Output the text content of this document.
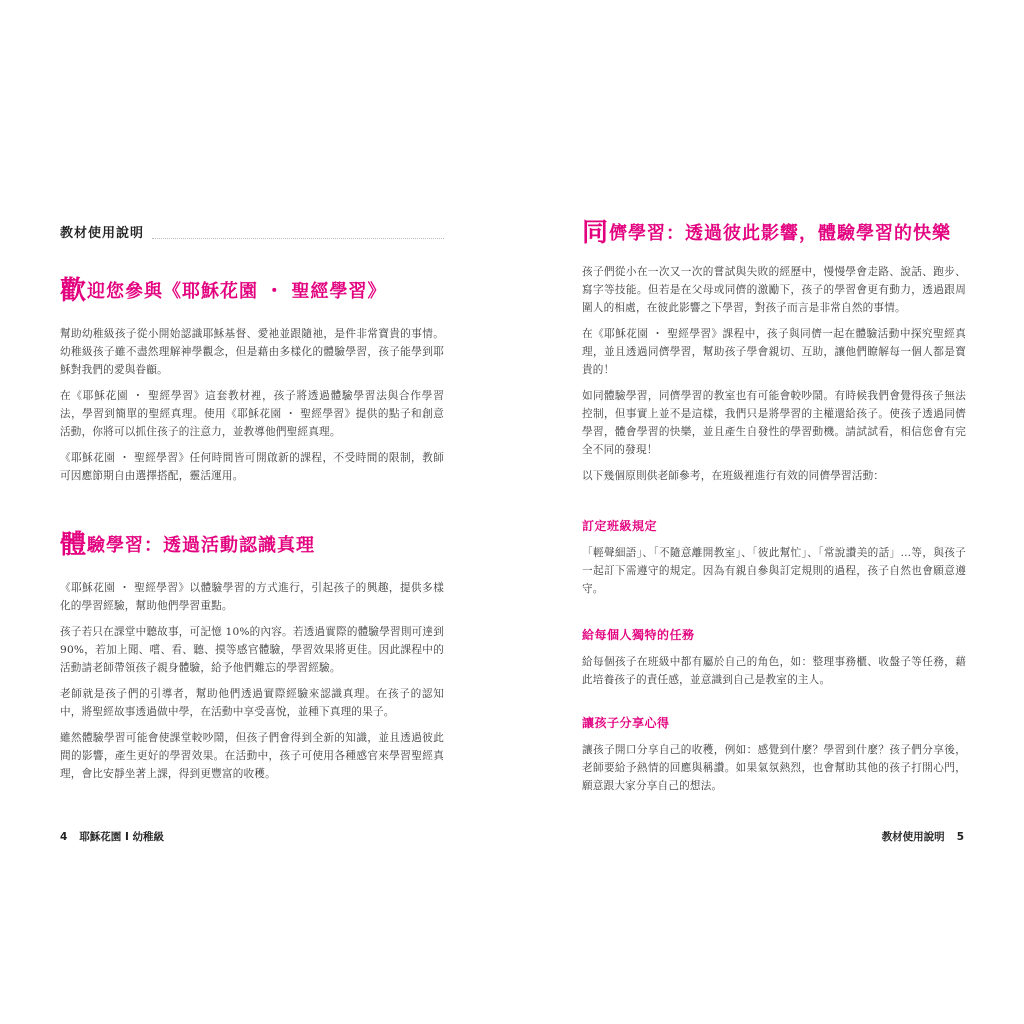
教材使用說明
歡迎您參與《耶穌花園 ・ 聖經學習》

幫助幼稚級孩子從小開始認識耶穌基督、愛祂並跟隨祂，是件非常寶貴的事情。幼稚級孩子雖不盡然理解神學觀念，但是藉由多樣化的體驗學習，孩子能學到耶穌對我們的愛與眷顧。

在《耶穌花園 ・ 聖經學習》這套教材裡，孩子將透過體驗學習法與合作學習法，學習到簡單的聖經真理。使用《耶穌花園 ・ 聖經學習》提供的點子和創意活動，你將可以抓住孩子的注意力，並教導他們聖經真理。

《耶穌花園 ・ 聖經學習》任何時間皆可開啟新的課程，不受時間的限制，教師可因應節期自由選擇搭配，靈活運用。

體驗學習：透過活動認識真理

《耶穌花園 ・ 聖經學習》以體驗學習的方式進行，引起孩子的興趣，提供多樣化的學習經驗，幫助他們學習重點。

孩子若只在課堂中聽故事，可記憶 10%的內容。若透過實際的體驗學習則可達到 90%，若加上聞、嚐、看、聽、摸等感官體驗，學習效果將更佳。因此課程中的活動請老師帶領孩子親身體驗，給予他們難忘的學習經驗。

老師就是孩子們的引導者，幫助他們透過實際經驗來認識真理。在孩子的認知中，將聖經故事透過做中學，在活動中享受喜悅，並種下真理的果子。

雖然體驗學習可能會使課堂較吵鬧，但孩子們會得到全新的知識，並且透過彼此間的影響，產生更好的學習效果。在活動中，孩子可使用各種感官來學習聖經真理，會比安靜坐著上課，得到更豐富的收穫。

4 耶穌花園 I 幼稚級
同儕學習：透過彼此影響，體驗學習的快樂

孩子們從小在一次又一次的嘗試與失敗的經歷中，慢慢學會走路、說話、跑步、寫字等技能。但若是在父母或同儕的激勵下，孩子的學習會更有動力，透過跟周圍人的相處，在彼此影響之下學習，對孩子而言是非常自然的事情。

在《耶穌花園 ・ 聖經學習》課程中，孩子與同儕一起在體驗活動中探究聖經真理，並且透過同儕學習，幫助孩子學會親切、互助，讓他們瞭解每一個人都是寶貴的！

如同體驗學習，同儕學習的教室也有可能會較吵鬧。有時候我們會覺得孩子無法控制，但事實上並不是這樣，我們只是將學習的主權還給孩子。使孩子透過同儕學習，體會學習的快樂，並且產生自發性的學習動機。請試試看，相信您會有完全不同的發現！

以下幾個原則供老師參考，在班級裡進行有效的同儕學習活動：

訂定班級規定

「輕聲細語」、「不隨意離開教室」、「彼此幫忙」、「常說讚美的話」…等，與孩子一起訂下需遵守的規定。因為有親自參與訂定規則的過程，孩子自然也會願意遵守。

給每個人獨特的任務

給每個孩子在班級中都有屬於自己的角色，如：整理事務櫃、收盤子等任務，藉此培養孩子的責任感，並意識到自己是教室的主人。

讓孩子分享心得

讓孩子開口分享自己的收穫，例如：感覺到什麼？學習到什麼？孩子們分享後，老師要給予熱情的回應與稱讚。如果氣氛熱烈，也會幫助其他的孩子打開心門，願意跟大家分享自己的想法。

教材使用說明 5
